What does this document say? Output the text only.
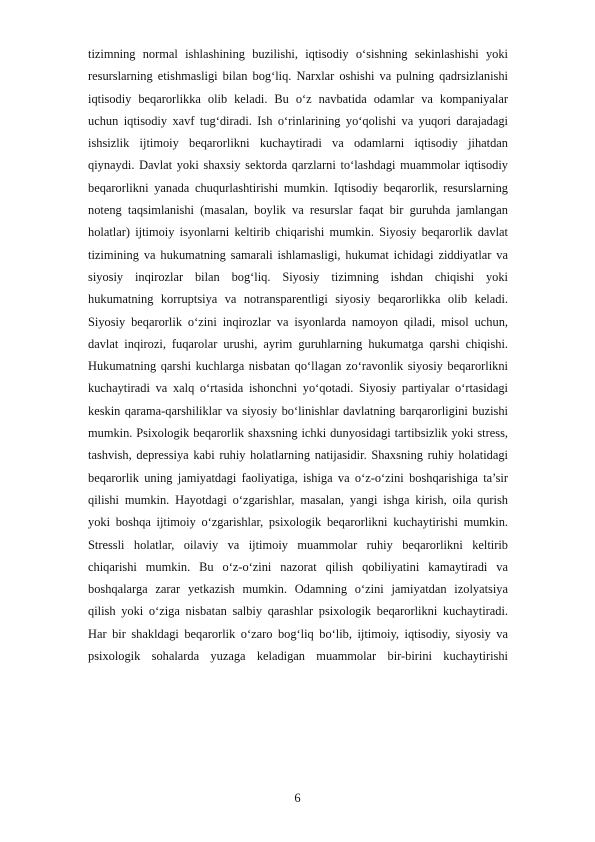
tizimning normal ishlashining buzilishi, iqtisodiy o‘sishning sekinlashishi yoki
resurslarning etishmasligi bilan bog‘liq. Narxlar oshishi va pulning qadrsizlanishi
iqtisodiy beqarorlikka olib keladi. Bu o‘z navbatida odamlar va kompaniyalar
uchun iqtisodiy xavf tug‘diradi. Ish o‘rinlarining yo‘qolishi va yuqori darajadagi
ishsizlik ijtimoiy beqarorlikni kuchaytiradi va odamlarni iqtisodiy jihatdan
qiynaydi. Davlat yoki shaxsiy sektorda qarzlarni to‘lashdagi muammolar iqtisodiy
beqarorlikni yanada chuqurlashtirishi mumkin. Iqtisodiy beqarorlik, resurslarning
noteng taqsimlanishi (masalan, boylik va resurslar faqat bir guruhda jamlangan
holatlar) ijtimoiy isyonlarni keltirib chiqarishi mumkin. Siyosiy beqarorlik davlat
tizimining va hukumatning samarali ishlamasligi, hukumat ichidagi ziddiyatlar va
siyosiy inqirozlar bilan bog‘liq. Siyosiy tizimning ishdan chiqishi yoki
hukumatning korruptsiya va notransparentligi siyosiy beqarorlikka olib keladi.
Siyosiy beqarorlik o‘zini inqirozlar va isyonlarda namoyon qiladi, misol uchun,
davlat inqirozi, fuqarolar urushi, ayrim guruhlarning hukumatga qarshi chiqishi.
Hukumatning qarshi kuchlarga nisbatan qo‘llagan zo‘ravonlik siyosiy beqarorlikni
kuchaytiradi va xalq o‘rtasida ishonchni yo‘qotadi. Siyosiy partiyalar o‘rtasidagi
keskin qarama-qarshiliklar va siyosiy bo‘linishlar davlatning barqarorligini buzishi
mumkin. Psixologik beqarorlik shaxsning ichki dunyosidagi tartibsizlik yoki stress,
tashvish, depressiya kabi ruhiy holatlarning natijasidir. Shaxsning ruhiy holatidagi
beqarorlik uning jamiyatdagi faoliyatiga, ishiga va o‘z-o‘zini boshqarishiga ta’sir
qilishi mumkin. Hayotdagi o‘zgarishlar, masalan, yangi ishga kirish, oila qurish
yoki boshqa ijtimoiy o‘zgarishlar, psixologik beqarorlikni kuchaytirishi mumkin.
Stressli holatlar, oilaviy va ijtimoiy muammolar ruhiy beqarorlikni keltirib
chiqarishi mumkin. Bu o‘z-o‘zini nazorat qilish qobiliyatini kamaytiradi va
boshqalarga zarar yetkazish mumkin. Odamning o‘zini jamiyatdan izolyatsiya
qilish yoki o‘ziga nisbatan salbiy qarashlar psixologik beqarorlikni kuchaytiradi.
Har bir shakldagi beqarorlik o‘zaro bog‘liq bo‘lib, ijtimoiy, iqtisodiy, siyosiy va
psixologik sohalarda yuzaga keladigan muammolar bir-birini kuchaytirishi
6
